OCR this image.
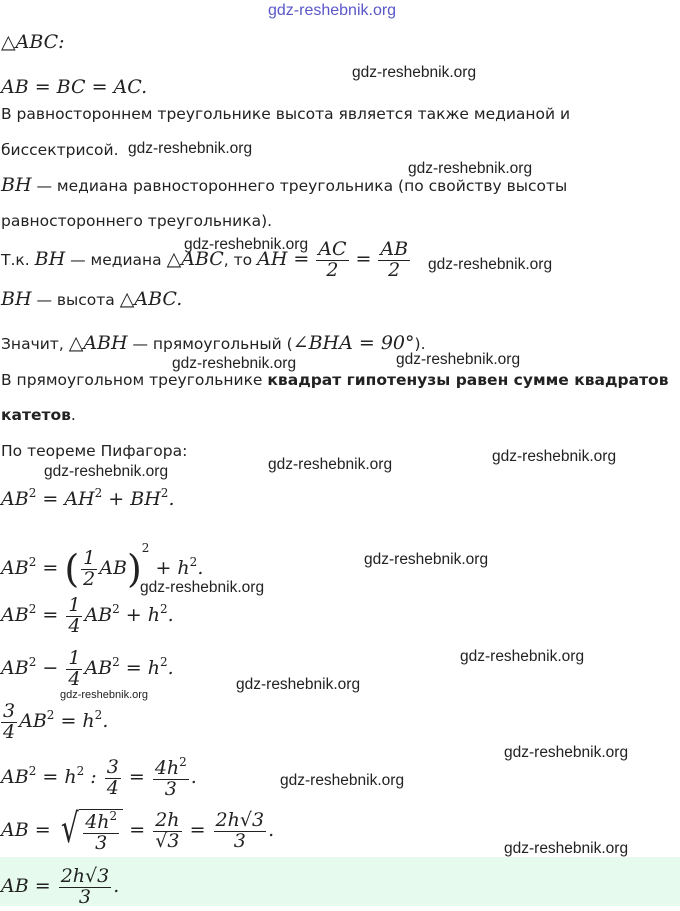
gdz-reshebnik.org
△ABC:
AB = BC = AC.
В равностороннем треугольнике высота является также медианой и
биссектрисой.
BH — медиана равностороннего треугольника (по свойству высоты
равностороннего треугольника).
Т.к. BH — медиана △ABC, то AH = $\frac{AC}{2} = \frac{AB}{2}$
BH — высота △ABC.
Значит, △ABH — прямоугольный (∠BHA = 90°).
В прямоугольном треугольнике квадрат гипотенузы равен сумме квадратов
катетов.
По теореме Пифагора:
$AB^2 = AH^2 + BH^2$.
$AB^2$ = ( $\frac{1}{2} AB)^2 + h^2$.
$AB^2 = \frac{1}{4} AB^2 + h^2$.
$AB^2 - \frac{1}{4} AB^2 = h^2$.
$\frac{3}{4} AB^2 = h^2$.
$AB^2 = h^2$ : $\frac{3}{4} = \frac{4h^2}{3}$ .
AB = √ $\frac{4h^2}{3} = \frac{2h}{√3} = \frac{2h√3}{3}$ .
AB = $\frac{2h√3}{3}$ .
gdz-reshebnik.org
gdz-reshebnik.org
gdz-reshebnik.org
gdz-reshebnik.org
gdz-reshebnik.org
gdz-reshebnik.org	gdz-reshebnik.org
gdz-reshebnik.org	gdz-reshebnik.org	gdz-reshebnik.org
gdz-reshebnik.org
gdz-reshebnik.org
gdz-reshebnik.org
gdz-reshebnik.org
gdz-reshebnik.org
gdz-reshebnik.org
gdz-reshebnik.org
gdz-reshebnik.org
